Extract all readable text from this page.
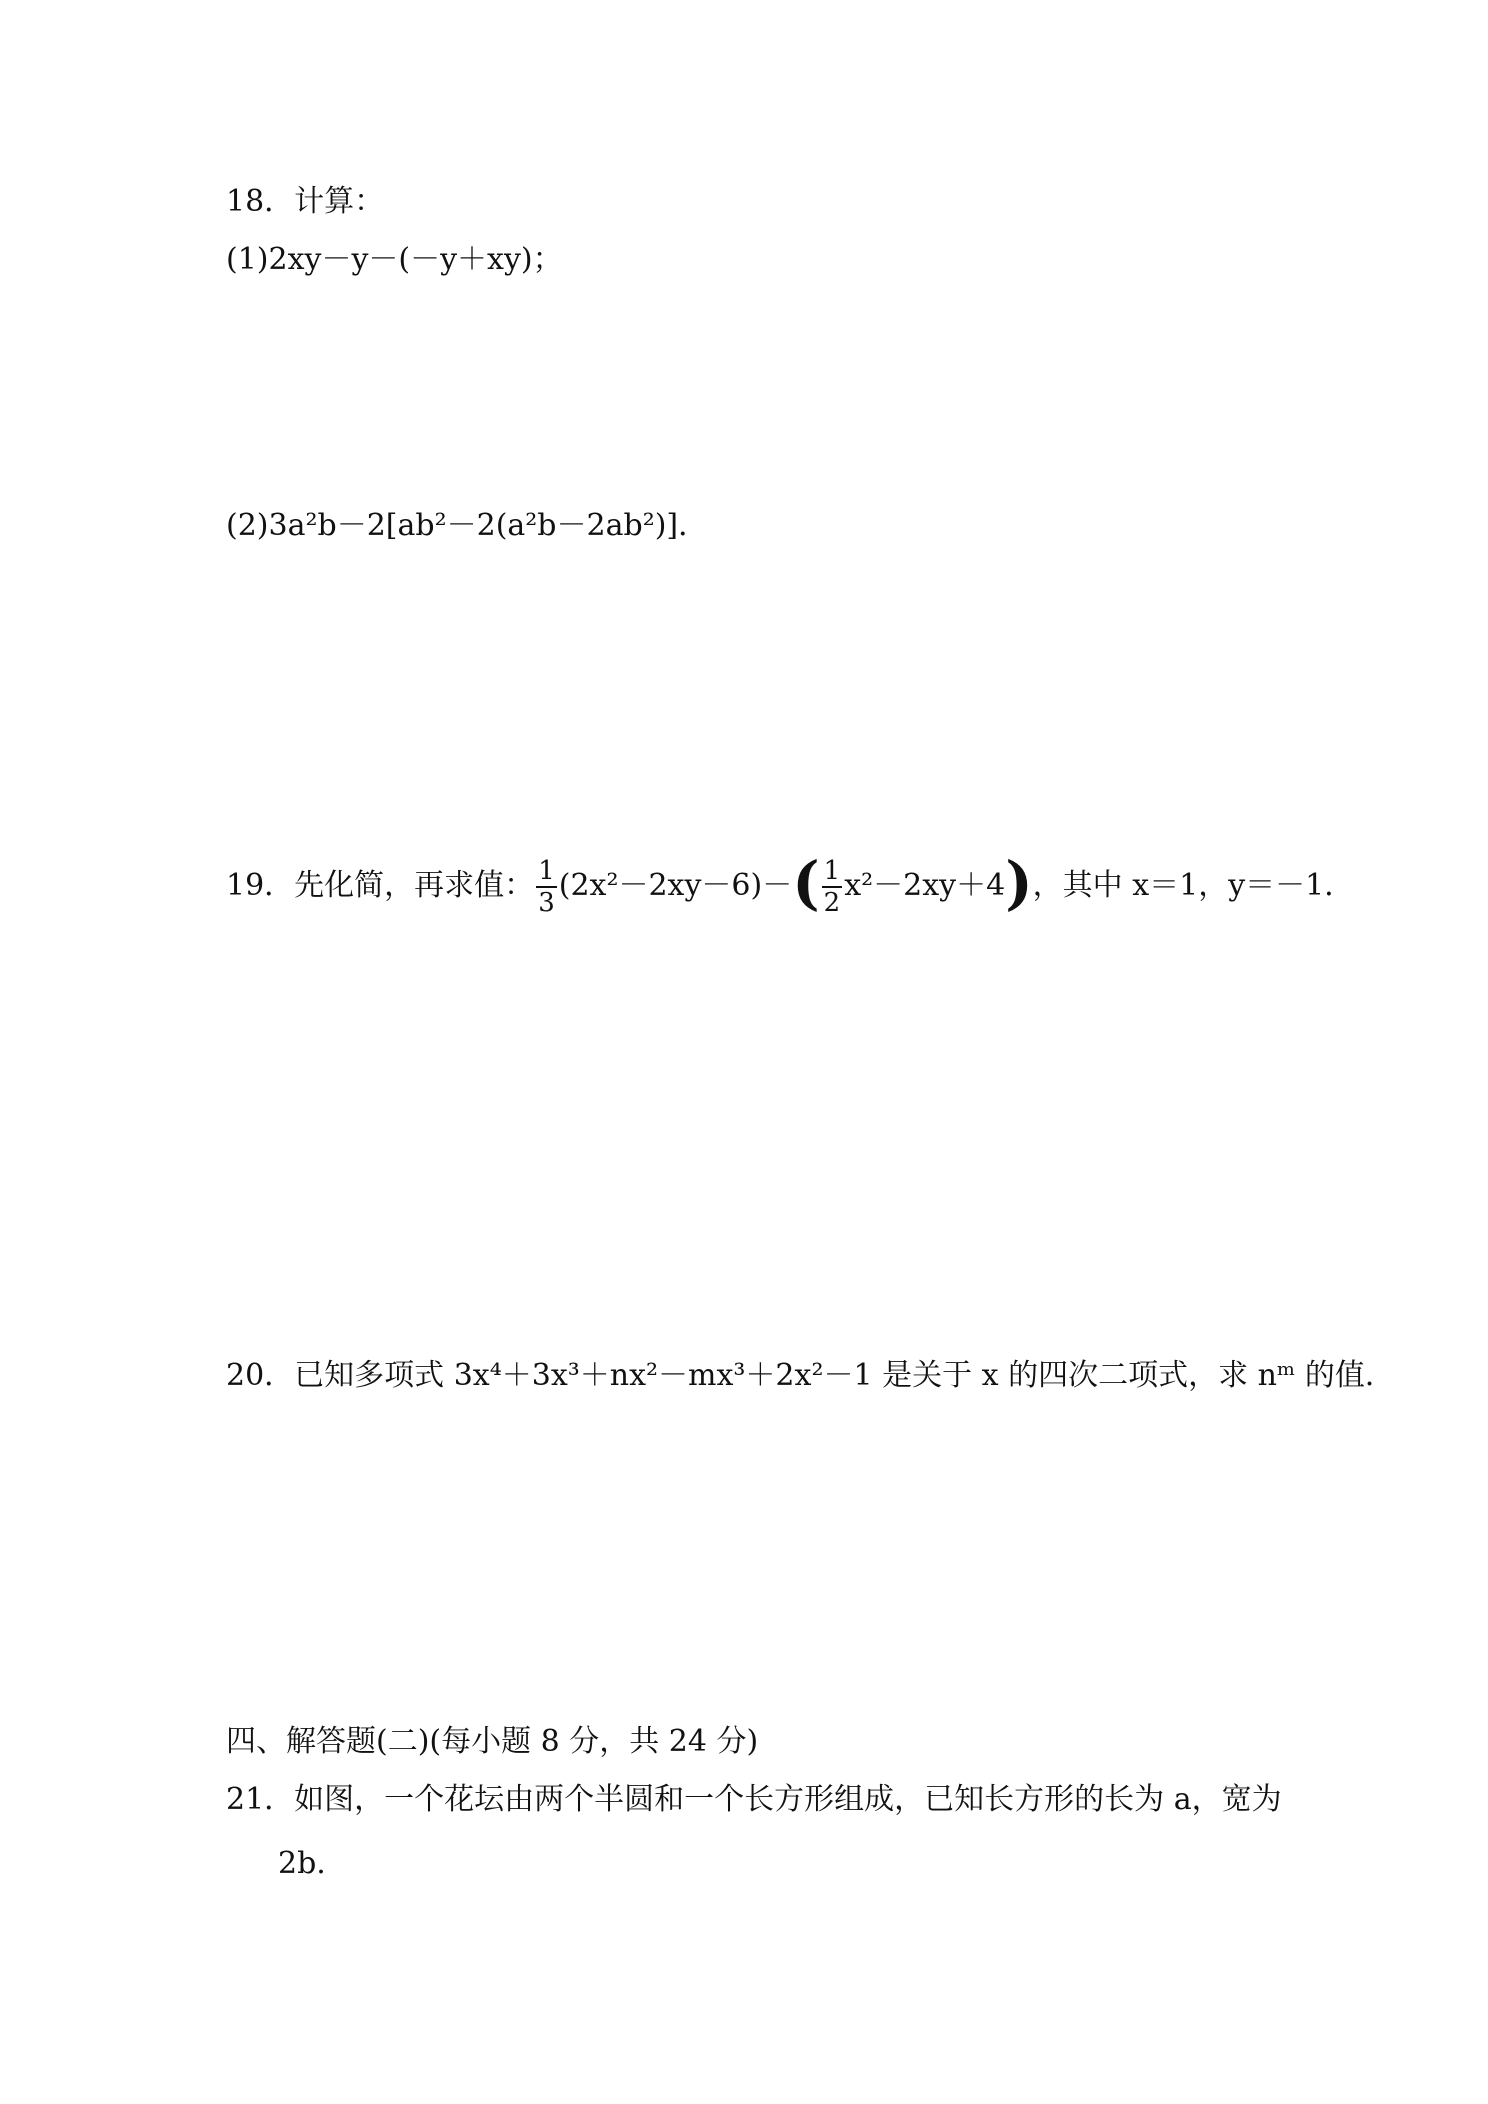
18．计算：
(1)2xy－y－(－y＋xy)；
(2)3a²b－2[ab²－2(a²b－2ab²)]．
19．先化简，再求值： $\frac{1}{3} (2x^2-2xy-6)-( \frac{1}{2} x^2-2xy+4)$，其中 x＝1，y＝－1．
20．已知多项式 3x⁴＋3x³＋nx²－mx³＋2x²－1 是关于 x 的四次二项式，求 nᵐ 的值．
四、解答题(二)(每小题 8 分，共 24 分)
21．如图，一个花坛由两个半圆和一个长方形组成，已知长方形的长为 a，宽为
2b.
